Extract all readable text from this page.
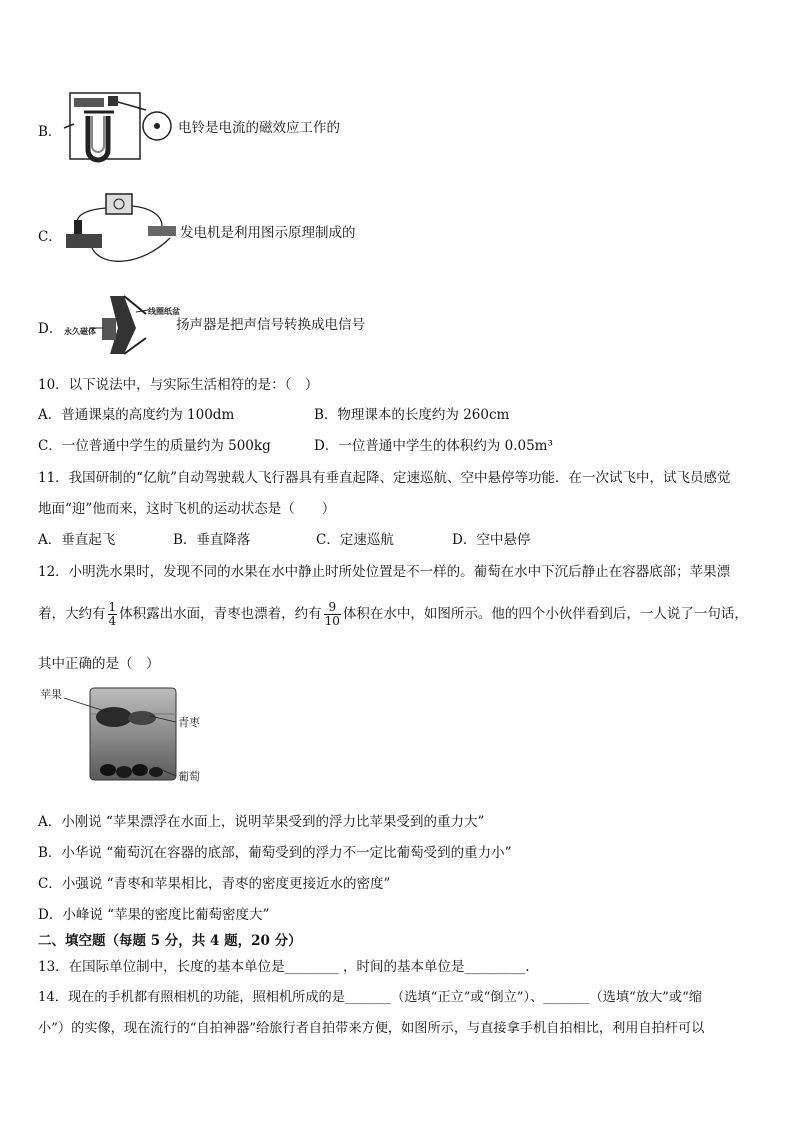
B．	电铃是电流的磁效应工作的
C．	发电机是利用图示原理制成的
D．
线圈纸盆
永久磁体	扬声器是把声信号转换成电信号
10．以下说法中，与实际生活相符的是：（　）
A．普通课桌的高度约为 100dm	B．物理课本的长度约为 260cm
C．一位普通中学生的质量约为 500kg	D．一位普通中学生的体积约为 0.05m³
11．我国研制的“亿航”自动驾驶载人飞行器具有垂直起降、定速巡航、空中悬停等功能．在一次试飞中，试飞员感觉
地面“迎”他而来，这时飞机的运动状态是（　　）
A．垂直起飞	B．垂直降落	C．定速巡航	D．空中悬停
12．小明洗水果时，发现不同的水果在水中静止时所处位置是不一样的。葡萄在水中下沉后静止在容器底部；苹果漂
着，大约有 $\frac{1}{4}$ 体积露出水面，青枣也漂着，约有 $\frac{9}{10}$ 体积在水中，如图所示。他的四个小伙伴看到后，一人说了一句话，
其中正确的是（　）
苹果
青枣
葡萄
A．小刚说 “苹果漂浮在水面上，说明苹果受到的浮力比苹果受到的重力大”
B．小华说 “葡萄沉在容器的底部，葡萄受到的浮力不一定比葡萄受到的重力小”
C．小强说 “青枣和苹果相比，青枣的密度更接近水的密度”
D．小峰说 “苹果的密度比葡萄密度大”
二、填空题（每题 5 分，共 4 题，20 分）
13．在国际单位制中，长度的基本单位是________ ，时间的基本单位是_________.
14．现在的手机都有照相机的功能，照相机所成的是_______（选填“正立”或“倒立”）、_______（选填“放大”或“缩
小”）的实像，现在流行的“自拍神器”给旅行者自拍带来方便，如图所示，与直接拿手机自拍相比，利用自拍杆可以
